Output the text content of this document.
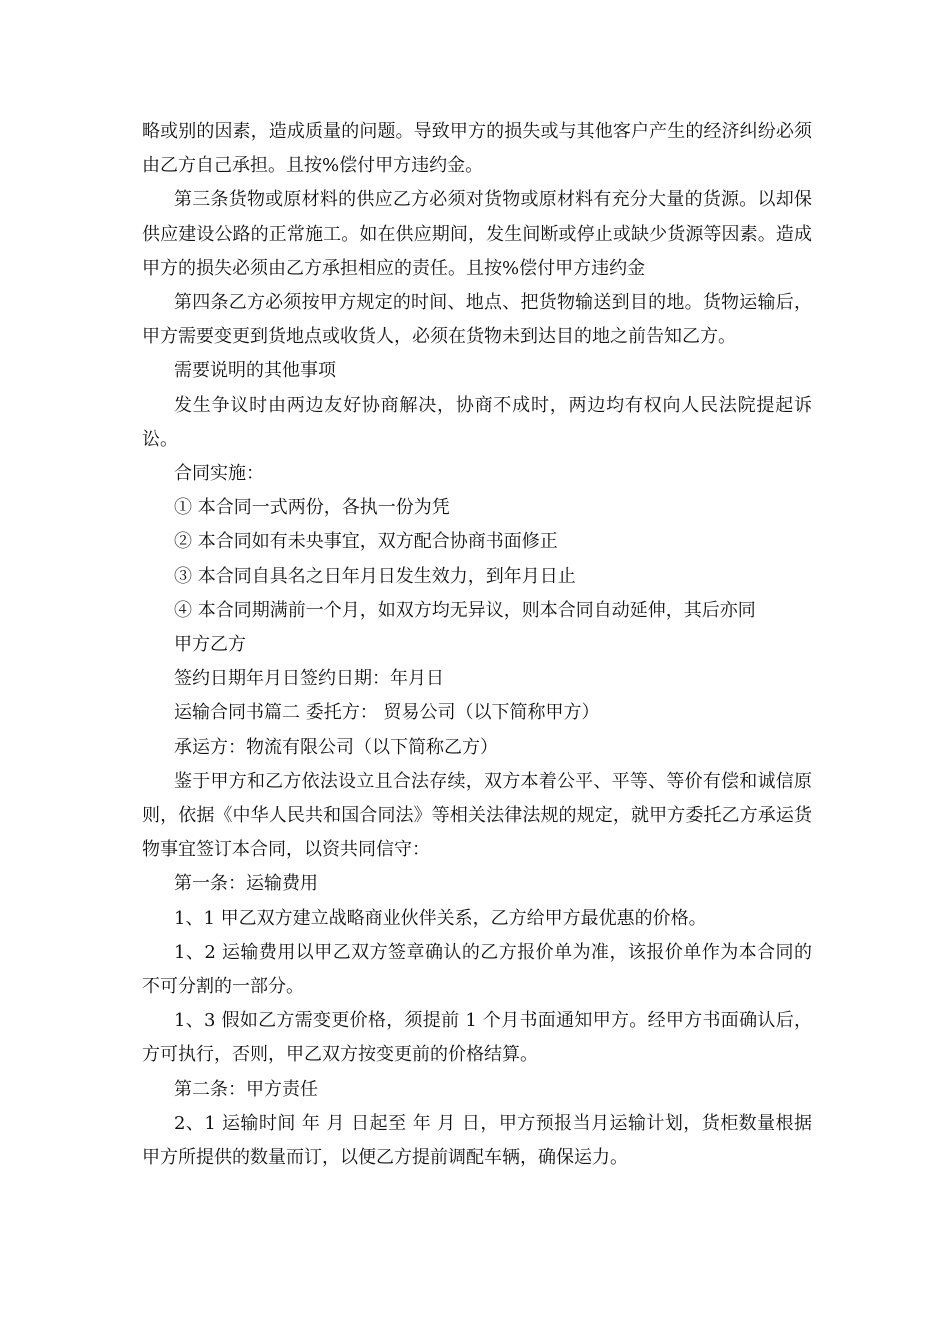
略或别的因素，造成质量的问题。导致甲方的损失或与其他客户产生的经济纠纷必须由乙方自己承担。且按%偿付甲方违约金。

第三条货物或原材料的供应乙方必须对货物或原材料有充分大量的货源。以却保供应建设公路的正常施工。如在供应期间，发生间断或停止或缺少货源等因素。造成甲方的损失必须由乙方承担相应的责任。且按%偿付甲方违约金

第四条乙方必须按甲方规定的时间、地点、把货物输送到目的地。货物运输后，甲方需要变更到货地点或收货人，必须在货物未到达目的地之前告知乙方。

需要说明的其他事项

发生争议时由两边友好协商解决，协商不成时，两边均有权向人民法院提起诉讼。

合同实施：

① 本合同一式两份，各执一份为凭

② 本合同如有未央事宜，双方配合协商书面修正

③ 本合同自具名之日年月日发生效力，到年月日止

④ 本合同期满前一个月，如双方均无异议，则本合同自动延伸，其后亦同

甲方乙方

签约日期年月日签约日期：年月日

运输合同书篇二 委托方： 贸易公司（以下简称甲方）

承运方：物流有限公司（以下简称乙方）

鉴于甲方和乙方依法设立且合法存续，双方本着公平、平等、等价有偿和诚信原则，依据《中华人民共和国合同法》等相关法律法规的规定，就甲方委托乙方承运货物事宜签订本合同，以资共同信守：

第一条：运输费用

1、1 甲乙双方建立战略商业伙伴关系，乙方给甲方最优惠的价格。

1、2 运输费用以甲乙双方签章确认的乙方报价单为准，该报价单作为本合同的不可分割的一部分。

1、3 假如乙方需变更价格，须提前 1 个月书面通知甲方。经甲方书面确认后，方可执行，否则，甲乙双方按变更前的价格结算。

第二条：甲方责任

2、1 运输时间 年 月 日起至 年 月 日，甲方预报当月运输计划，货柜数量根据甲方所提供的数量而订，以便乙方提前调配车辆，确保运力。
